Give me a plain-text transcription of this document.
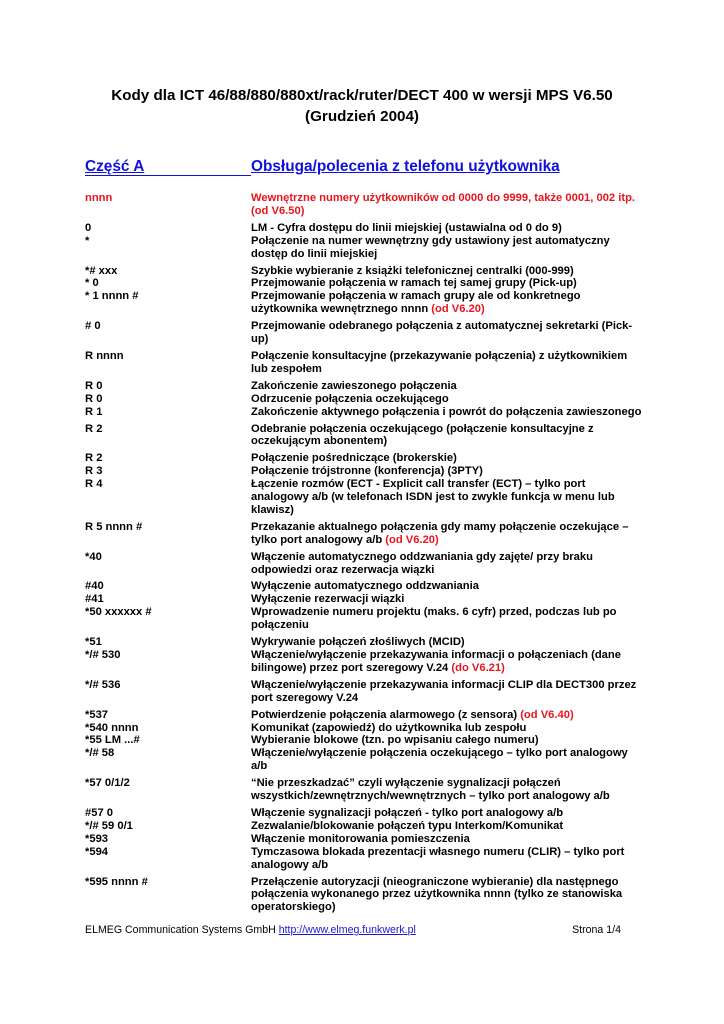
Kody dla ICT 46/88/880/880xt/rack/ruter/DECT 400 w wersji MPS V6.50
(Grudzień 2004)
Część A	Obsługa/polecenia z telefonu użytkownika
nnnn	Wewnętrzne numery użytkowników od 0000 do 9999, także 0001, 002 itp. (od V6.50)
0	LM - Cyfra dostępu do linii miejskiej (ustawialna od 0 do 9)
*	Połączenie na numer wewnętrzny gdy ustawiony jest automatyczny dostęp do linii miejskiej
*# xxx	Szybkie wybieranie z książki telefonicznej centralki (000-999)
* 0	Przejmowanie połączenia w ramach tej samej grupy (Pick-up)
* 1 nnnn #	Przejmowanie połączenia w ramach grupy ale od konkretnego użytkownika wewnętrznego nnnn (od V6.20)
# 0	Przejmowanie odebranego połączenia z automatycznej sekretarki (Pick-up)
R nnnn	Połączenie konsultacyjne (przekazywanie połączenia) z użytkownikiem lub zespołem
R 0	Zakończenie zawieszonego połączenia
R 0	Odrzucenie połączenia oczekującego
R 1	Zakończenie aktywnego połączenia i powrót do połączenia zawieszonego
R 2	Odebranie połączenia oczekującego (połączenie konsultacyjne z oczekującym abonentem)
R 2	Połączenie pośredniczące (brokerskie)
R 3	Połączenie trójstronne (konferencja) (3PTY)
R 4	Łączenie rozmów (ECT - Explicit call transfer (ECT) – tylko port analogowy a/b (w telefonach ISDN jest to zwykle funkcja w menu lub klawisz)
R 5 nnnn #	Przekazanie aktualnego połączenia gdy mamy połączenie oczekujące – tylko port analogowy a/b (od V6.20)
*40	Włączenie automatycznego oddzwaniania gdy zajęte/ przy braku odpowiedzi oraz rezerwacja wiązki
#40	Wyłączenie automatycznego oddzwaniania
#41	Wyłączenie rezerwacji wiązki
*50 xxxxxx #	Wprowadzenie numeru projektu (maks. 6 cyfr) przed, podczas lub po połączeniu
*51	Wykrywanie połączeń złośliwych (MCID)
*/# 530	Włączenie/wyłączenie przekazywania informacji o połączeniach (dane bilingowe) przez port szeregowy V.24 (do V6.21)
*/# 536	Włączenie/wyłączenie przekazywania informacji CLIP dla DECT300 przez port szeregowy V.24
*537	Potwierdzenie połączenia alarmowego (z sensora) (od V6.40)
*540 nnnn	Komunikat (zapowiedź) do użytkownika lub zespołu
*55 LM ...#	Wybieranie blokowe (tzn. po wpisaniu całego numeru)
*/# 58	Włączenie/wyłączenie połączenia oczekującego – tylko port analogowy a/b
*57 0/1/2	“Nie przeszkadzać” czyli wyłączenie sygnalizacji połączeń wszystkich/zewnętrznych/wewnętrznych – tylko port analogowy a/b
#57 0	Włączenie sygnalizacji połączeń - tylko port analogowy a/b
*/# 59 0/1	Zezwalanie/blokowanie połączeń typu Interkom/Komunikat
*593	Włączenie monitorowania pomieszczenia
*594	Tymczasowa blokada prezentacji własnego numeru (CLIR) – tylko port analogowy a/b
*595 nnnn #	Przełączenie autoryzacji (nieograniczone wybieranie) dla następnego połączenia wykonanego przez użytkownika nnnn (tylko ze stanowiska operatorskiego)
ELMEG Communication Systems GmbH http://www.elmeg.funkwerk.pl	Strona 1/4
